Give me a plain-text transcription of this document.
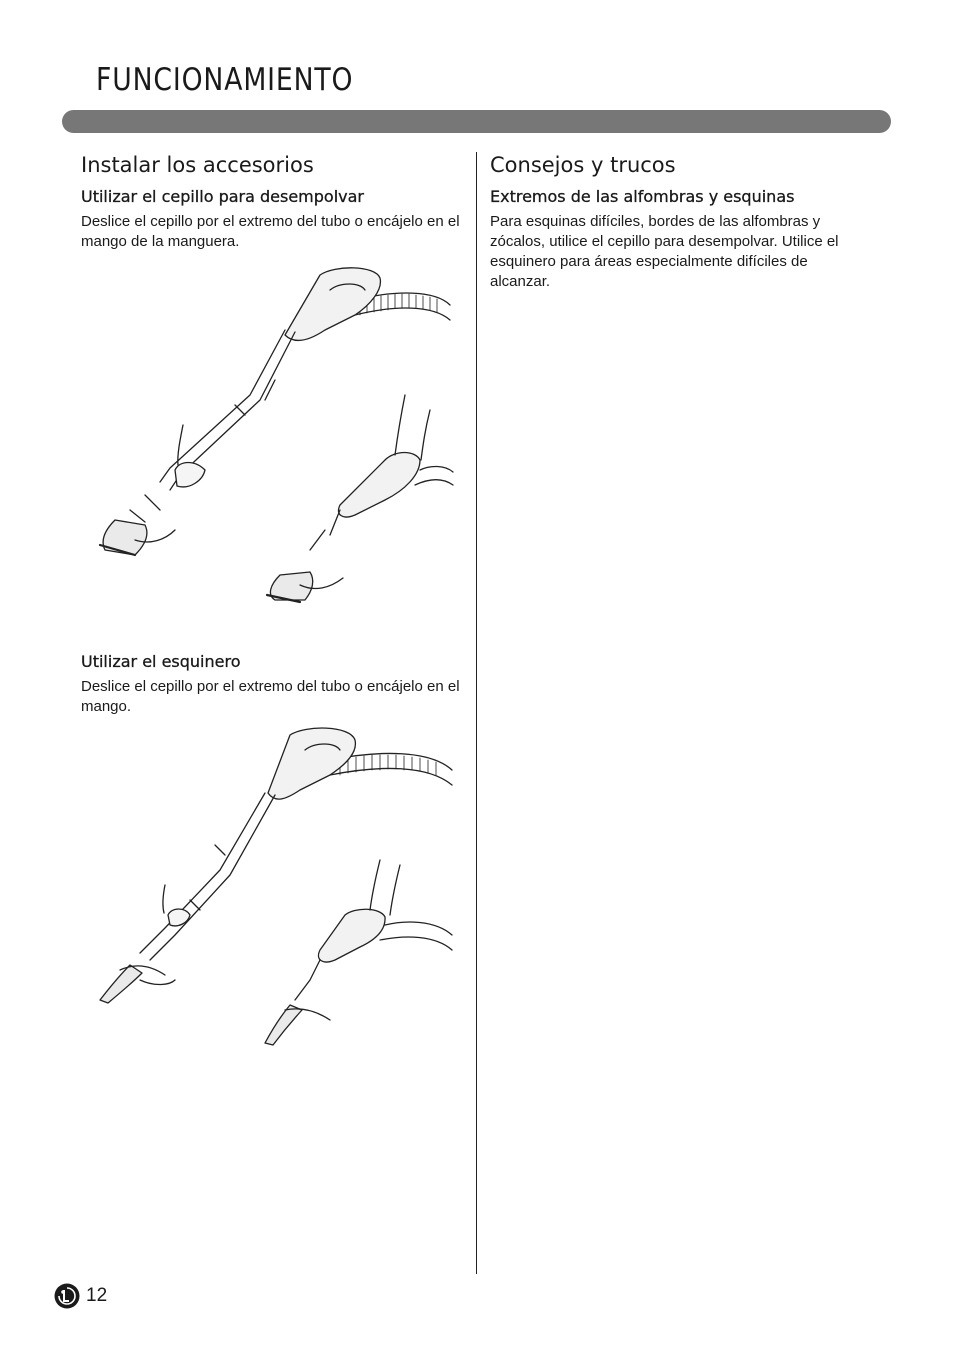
FUNCIONAMIENTO
Instalar los accesorios
Utilizar el cepillo para desempolvar

Deslice el cepillo por el extremo del tubo o encájelo en el mango de la manguera.

Utilizar el esquinero

Deslice el cepillo por el extremo del tubo o encájelo en el mango.

Consejos y trucos
Extremos de las alfombras y esquinas

Para esquinas difíciles, bordes de las alfombras y zócalos, utilice el cepillo para desempolvar. Utilice el esquinero para áreas especialmente difíciles de alcanzar.

12
